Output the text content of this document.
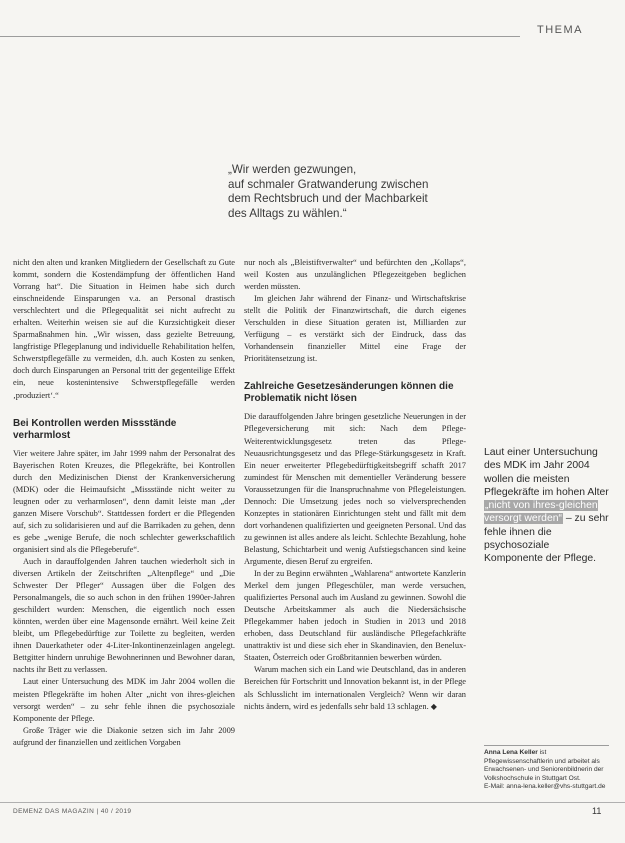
THEMA
„Wir werden gezwungen,
auf schmaler Gratwanderung zwischen
dem Rechtsbruch und der Machbarkeit
des Alltags zu wählen.“

nicht den alten und kranken Mitgliedern der Gesellschaft zu Gute kommt, sondern die Kostendämpfung der öffentlichen Hand Vorrang hat“. Die Situation in Heimen habe sich durch einschneidende Einsparungen v.a. an Personal drastisch verschlechtert und die Pflegequalität sei nicht aufrecht zu erhalten. Weiterhin weisen sie auf die Kurzsichtigkeit dieser Sparmaßnahmen hin. „Wir wissen, dass gezielte Betreuung, langfristige Pflegeplanung und individuelle Rehabilitation helfen, Schwerstpflegefälle zu vermeiden, d.h. auch Kosten zu senken, doch durch Einsparungen an Personal tritt der gegenteilige Effekt ein, neue kostenintensive Schwerstpflegefälle werden ‚produziert‘.“

Bei Kontrollen werden Missstände verharmlost

Vier weitere Jahre später, im Jahr 1999 nahm der Personalrat des Bayerischen Roten Kreuzes, die Pflegekräfte, bei Kontrollen durch den Medizinischen Dienst der Krankenversicherung (MDK) oder die Heimaufsicht „Missstände nicht weiter zu leugnen oder zu verharmlosen“, denn damit leiste man „der ganzen Misere Vorschub“. Stattdessen fordert er die Pflegenden auf, sich zu solidarisieren und auf die Barrikaden zu gehen, denn es gebe „wenige Berufe, die noch schlechter gewerkschaftlich organisiert sind als die Pflegeberufe“.

Auch in darauffolgenden Jahren tauchen wiederholt sich in diversen Artikeln der Zeitschriften „Altenpflege“ und „Die Schwester Der Pfleger“ Aussagen über die Folgen des Personalmangels, die so auch schon in den frühen 1990er-Jahren geschildert wurden: Menschen, die eigentlich noch essen könnten, werden über eine Magensonde ernährt. Weil keine Zeit bleibt, um Pflegebedürftige zur Toilette zu begleiten, werden ihnen Dauerkatheter oder 4-Liter-Inkontinenzeinlagen angelegt. Bettgitter hindern unruhige Bewohnerinnen und Bewohner daran, nachts ihr Bett zu verlassen.

Laut einer Untersuchung des MDK im Jahr 2004 wollen die meisten Pflegekräfte im hohen Alter „nicht von ihres-gleichen versorgt werden“ – zu sehr fehle ihnen die psychosoziale Komponente der Pflege.

Große Träger wie die Diakonie setzen sich im Jahr 2009 aufgrund der finanziellen und zeitlichen Vorgaben

nur noch als „Bleistiftverwalter“ und befürchten den „Kollaps“, weil Kosten aus unzulänglichen Pflegezeitgeben beglichen werden müssten.

Im gleichen Jahr während der Finanz- und Wirtschaftskrise stellt die Politik der Finanzwirtschaft, die durch eigenes Verschulden in diese Situation geraten ist, Milliarden zur Verfügung – es verstärkt sich der Eindruck, dass das Vorhandensein finanzieller Mittel eine Frage der Prioritätensetzung ist.

Zahlreiche Gesetzesänderungen können die Problematik nicht lösen

Die darauffolgenden Jahre bringen gesetzliche Neuerungen in der Pflegeversicherung mit sich: Nach dem Pflege-Weiterentwicklungsgesetz treten das Pflege-Neuausrichtungsgesetz und das Pflege-Stärkungsgesetz in Kraft. Ein neuer erweiterter Pflegebedürftigkeitsbegriff schafft 2017 zumindest für Menschen mit dementieller Veränderung bessere Voraussetzungen für die Inanspruchnahme von Pflegeleistungen. Dennoch: Die Umsetzung jedes noch so vielversprechenden Konzeptes in stationären Einrichtungen steht und fällt mit dem dort vorhandenen qualifizierten und geeigneten Personal. Und das zu gewinnen ist alles andere als leicht. Schlechte Bezahlung, hohe Belastung, Schichtarbeit und wenig Aufstiegschancen sind keine Argumente, diesen Beruf zu ergreifen.

In der zu Beginn erwähnten „Wahlarena“ antwortete Kanzlerin Merkel dem jungen Pflegeschüler, man werde versuchen, qualifiziertes Personal auch im Ausland zu gewinnen. Sowohl die Deutsche Arbeitskammer als auch die Niedersächsische Pflegekammer haben jedoch in Studien in 2013 und 2018 erhoben, dass Deutschland für ausländische Pflegefachkräfte unattraktiv ist und diese sich eher in Skandinavien, den Benelux-Staaten, Österreich oder Großbritannien bewerben würden.

Warum machen sich ein Land wie Deutschland, das in anderen Bereichen für Fortschritt und Innovation bekannt ist, in der Pflege als Schlusslicht im internationalen Vergleich? Wenn wir daran nichts ändern, wird es jedenfalls sehr bald 13 schlagen. ◆

Laut einer Untersuchung des MDK im Jahr 2004 wollen die meisten Pflegekräfte im hohen Alter „nicht von ihres-gleichen versorgt werden“ – zu sehr fehle ihnen die psychosoziale Komponente der Pflege.
Anna Lena Keller ist Pflegewissenschaftlerin und arbeitet als Erwachsenen- und Seniorenbildnerin der Volkshochschule in Stuttgart Ost.
E-Mail: anna-lena.keller@vhs-stuttgart.de
DEMENZ DAS MAGAZIN | 40 / 2019	11
